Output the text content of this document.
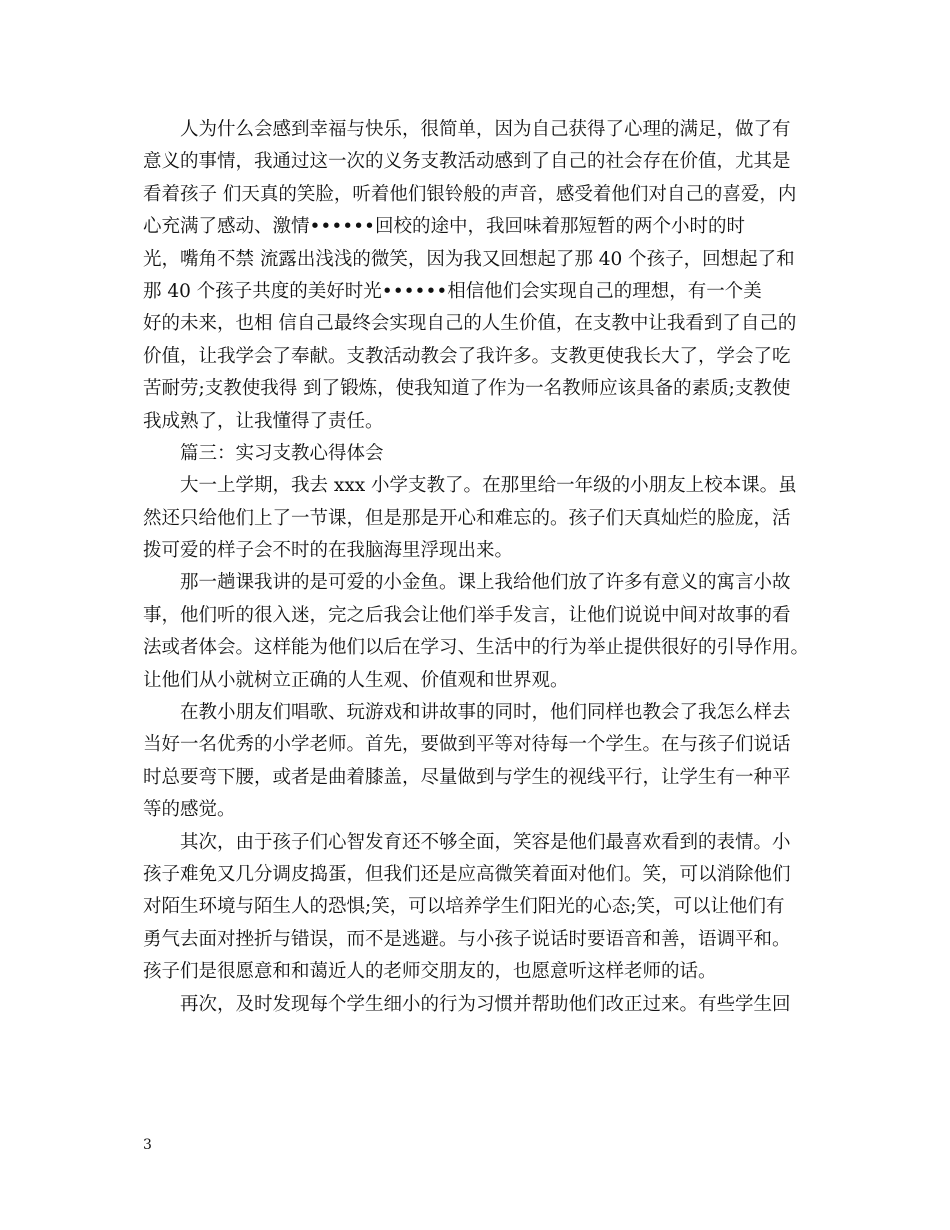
人为什么会感到幸福与快乐，很简单，因为自己获得了心理的满足，做了有
意义的事情，我通过这一次的义务支教活动感到了自己的社会存在价值，尤其是
看着孩子 们天真的笑脸，听着他们银铃般的声音，感受着他们对自己的喜爱，内
心充满了感动、激情••••••回校的途中，我回味着那短暂的两个小时的时
光，嘴角不禁 流露出浅浅的微笑，因为我又回想起了那 40 个孩子，回想起了和
那 40 个孩子共度的美好时光••••••相信他们会实现自己的理想，有一个美
好的未来，也相 信自己最终会实现自己的人生价值，在支教中让我看到了自己的
价值，让我学会了奉献。支教活动教会了我许多。支教更使我长大了，学会了吃
苦耐劳;支教使我得 到了锻炼，使我知道了作为一名教师应该具备的素质;支教使
我成熟了，让我懂得了责任。
篇三：实习支教心得体会
大一上学期，我去 xxx 小学支教了。在那里给一年级的小朋友上校本课。虽
然还只给他们上了一节课，但是那是开心和难忘的。孩子们天真灿烂的脸庞，活
拨可爱的样子会不时的在我脑海里浮现出来。
那一趟课我讲的是可爱的小金鱼。课上我给他们放了许多有意义的寓言小故
事，他们听的很入迷，完之后我会让他们举手发言，让他们说说中间对故事的看
法或者体会。这样能为他们以后在学习、生活中的行为举止提供很好的引导作用。
让他们从小就树立正确的人生观、价值观和世界观。
在教小朋友们唱歌、玩游戏和讲故事的同时，他们同样也教会了我怎么样去
当好一名优秀的小学老师。首先，要做到平等对待每一个学生。在与孩子们说话
时总要弯下腰，或者是曲着膝盖，尽量做到与学生的视线平行，让学生有一种平
等的感觉。
其次，由于孩子们心智发育还不够全面，笑容是他们最喜欢看到的表情。小
孩子难免又几分调皮捣蛋，但我们还是应高微笑着面对他们。笑，可以消除他们
对陌生环境与陌生人的恐惧;笑，可以培养学生们阳光的心态;笑，可以让他们有
勇气去面对挫折与错误，而不是逃避。与小孩子说话时要语音和善，语调平和。
孩子们是很愿意和和蔼近人的老师交朋友的，也愿意听这样老师的话。
再次，及时发现每个学生细小的行为习惯并帮助他们改正过来。有些学生回
3
